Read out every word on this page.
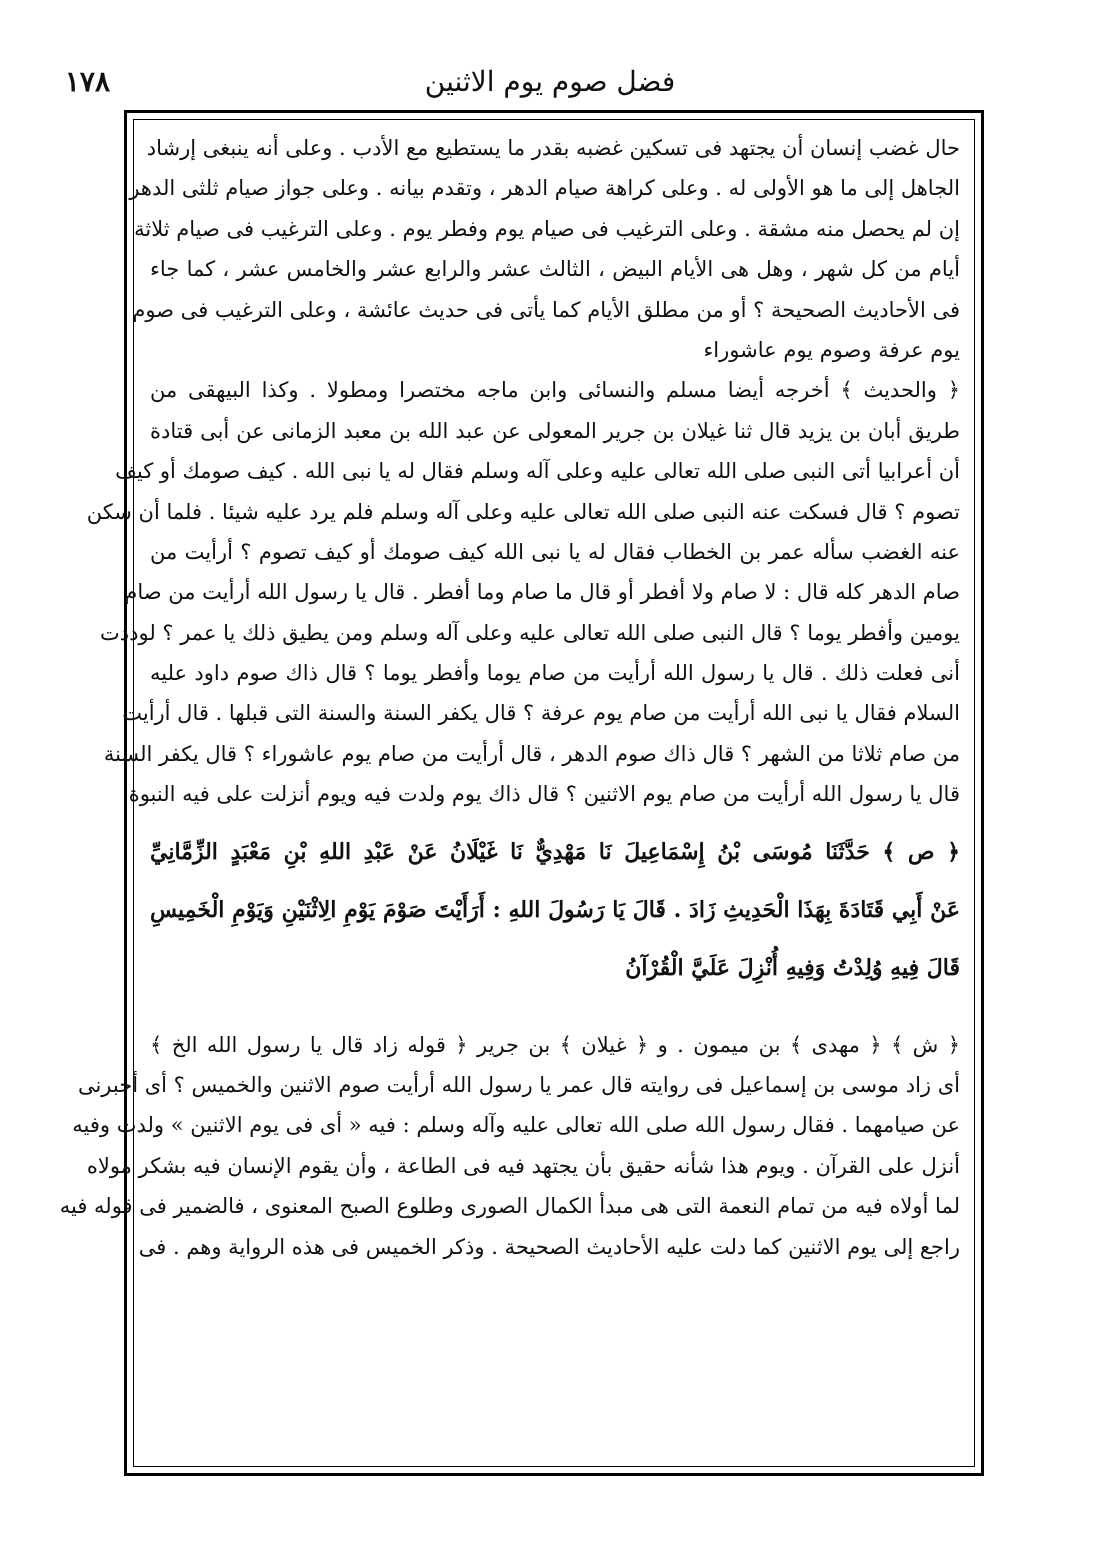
١٧٨	فضل صوم يوم الاثنين
حال غضب إنسان أن يجتهد فى تسكين غضبه بقدر ما يستطيع مع الأدب . وعلى أنه ينبغى إرشاد
الجاهل إلى ما هو الأولى له . وعلى كراهة صيام الدهر ، وتقدم بيانه . وعلى جواز صيام ثلثى الدهر
إن لم يحصل منه مشقة . وعلى الترغيب فى صيام يوم وفطر يوم . وعلى الترغيب فى صيام ثلاثة
أيام من كل شهر ، وهل هى الأيام البيض ، الثالث عشر والرابع عشر والخامس عشر ، كما جاء
فى الأحاديث الصحيحة ؟ أو من مطلق الأيام كما يأتى فى حديث عائشة ، وعلى الترغيب فى صوم
يوم عرفة وصوم يوم عاشوراء
﴿ والحديث ﴾ أخرجه أيضا مسلم والنسائى وابن ماجه مختصرا ومطولا . وكذا البيهقى من
طريق أبان بن يزيد قال ثنا غيلان بن جرير المعولى عن عبد الله بن معبد الزمانى عن أبى قتادة
أن أعرابيا أتى النبى صلى الله تعالى عليه وعلى آله وسلم فقال له يا نبى الله . كيف صومك أو كيف
تصوم ؟ قال فسكت عنه النبى صلى الله تعالى عليه وعلى آله وسلم فلم يرد عليه شيئا . فلما أن سكن
عنه الغضب سأله عمر بن الخطاب فقال له يا نبى الله كيف صومك أو كيف تصوم ؟ أرأيت من
صام الدهر كله قال : لا صام ولا أفطر أو قال ما صام وما أفطر . قال يا رسول الله أرأيت من صام
يومين وأفطر يوما ؟ قال النبى صلى الله تعالى عليه وعلى آله وسلم ومن يطيق ذلك يا عمر ؟ لوددت
أنى فعلت ذلك . قال يا رسول الله أرأيت من صام يوما وأفطر يوما ؟ قال ذاك صوم داود عليه
السلام فقال يا نبى الله أرأيت من صام يوم عرفة ؟ قال يكفر السنة والسنة التى قبلها . قال أرأيت
من صام ثلاثا من الشهر ؟ قال ذاك صوم الدهر ، قال أرأيت من صام يوم عاشوراء ؟ قال يكفر السنة
قال يا رسول الله أرأيت من صام يوم الاثنين ؟ قال ذاك يوم ولدت فيه ويوم أنزلت على فيه النبوة
﴿ ص ﴾ حَدَّثَنَا مُوسَى بْنُ إِسْمَاعِيلَ نَا مَهْدِيٌّ نَا غَيْلَانُ عَنْ عَبْدِ اللهِ بْنِ مَعْبَدٍ الزِّمَّانِيِّ
عَنْ أَبِي قَتَادَةَ بِهَذَا الْحَدِيثِ زَادَ . قَالَ يَا رَسُولَ اللهِ : أَرَأَيْتَ صَوْمَ يَوْمِ الِاثْنَيْنِ وَيَوْمِ الْخَمِيسِ
قَالَ فِيهِ وُلِدْتُ وَفِيهِ أُنْزِلَ عَلَيَّ الْقُرْآنُ
﴿ ش ﴾ ﴿ مهدى ﴾ بن ميمون . و ﴿ غيلان ﴾ بن جرير ﴿ قوله زاد قال يا رسول الله الخ ﴾
أى زاد موسى بن إسماعيل فى روايته قال عمر يا رسول الله أرأيت صوم الاثنين والخميس ؟ أى أخبرنى
عن صيامهما . فقال رسول الله صلى الله تعالى عليه وآله وسلم : فيه « أى فى يوم الاثنين » ولدت وفيه
أنزل على القرآن . ويوم هذا شأنه حقيق بأن يجتهد فيه فى الطاعة ، وأن يقوم الإنسان فيه بشكر مولاه
لما أولاه فيه من تمام النعمة التى هى مبدأ الكمال الصورى وطلوع الصبح المعنوى ، فالضمير فى قوله فيه
راجع إلى يوم الاثنين كما دلت عليه الأحاديث الصحيحة . وذكر الخميس فى هذه الرواية وهم . فى
